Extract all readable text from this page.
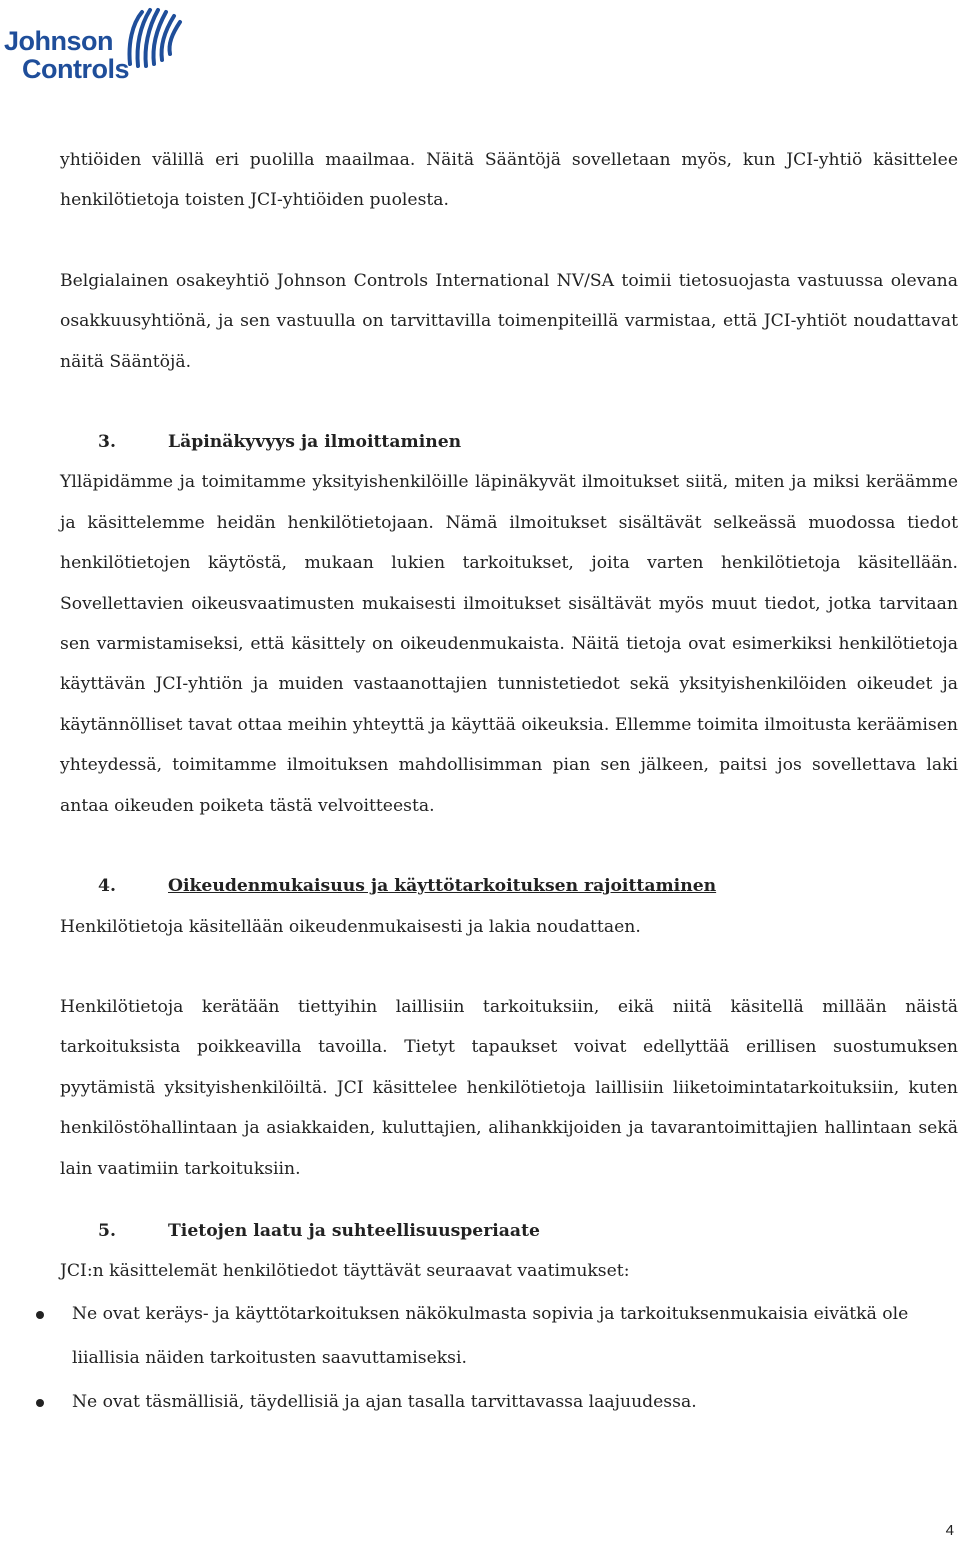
Johnson
Controls

yhtiöiden välillä eri puolilla maailmaa. Näitä Sääntöjä sovelletaan myös, kun JCI-yhtiö käsittelee henkilötietoja toisten JCI-yhtiöiden puolesta.

Belgialainen osakeyhtiö Johnson Controls International NV/SA toimii tietosuojasta vastuussa olevana osakkuusyhtiönä, ja sen vastuulla on tarvittavilla toimenpiteillä varmistaa, että JCI-yhtiöt noudattavat näitä Sääntöjä.

3.	Läpinäkyvyys ja ilmoittaminen

Ylläpidämme ja toimitamme yksityishenkilöille läpinäkyvät ilmoitukset siitä, miten ja miksi keräämme ja käsittelemme heidän henkilötietojaan. Nämä ilmoitukset sisältävät selkeässä muodossa tiedot henkilötietojen käytöstä, mukaan lukien tarkoitukset, joita varten henkilötietoja käsitellään. Sovellettavien oikeusvaatimusten mukaisesti ilmoitukset sisältävät myös muut tiedot, jotka tarvitaan sen varmistamiseksi, että käsittely on oikeudenmukaista. Näitä tietoja ovat esimerkiksi henkilötietoja käyttävän JCI-yhtiön ja muiden vastaanottajien tunnistetiedot sekä yksityishenkilöiden oikeudet ja käytännölliset tavat ottaa meihin yhteyttä ja käyttää oikeuksia. Ellemme toimita ilmoitusta keräämisen yhteydessä, toimitamme ilmoituksen mahdollisimman pian sen jälkeen, paitsi jos sovellettava laki antaa oikeuden poiketa tästä velvoitteesta.

4.	Oikeudenmukaisuus ja käyttötarkoituksen rajoittaminen

Henkilötietoja käsitellään oikeudenmukaisesti ja lakia noudattaen.

Henkilötietoja kerätään tiettyihin laillisiin tarkoituksiin, eikä niitä käsitellä millään näistä tarkoituksista poikkeavilla tavoilla. Tietyt tapaukset voivat edellyttää erillisen suostumuksen pyytämistä yksityishenkilöiltä. JCI käsittelee henkilötietoja laillisiin liiketoimintatarkoituksiin, kuten henkilöstöhallintaan ja asiakkaiden, kuluttajien, alihankkijoiden ja tavarantoimittajien hallintaan sekä lain vaatimiin tarkoituksiin.

5.	Tietojen laatu ja suhteellisuusperiaate

JCI:n käsittelemät henkilötiedot täyttävät seuraavat vaatimukset:

Ne ovat keräys- ja käyttötarkoituksen näkökulmasta sopivia ja tarkoituksenmukaisia eivätkä ole liiallisia näiden tarkoitusten saavuttamiseksi.
Ne ovat täsmällisiä, täydellisiä ja ajan tasalla tarvittavassa laajuudessa.
4
